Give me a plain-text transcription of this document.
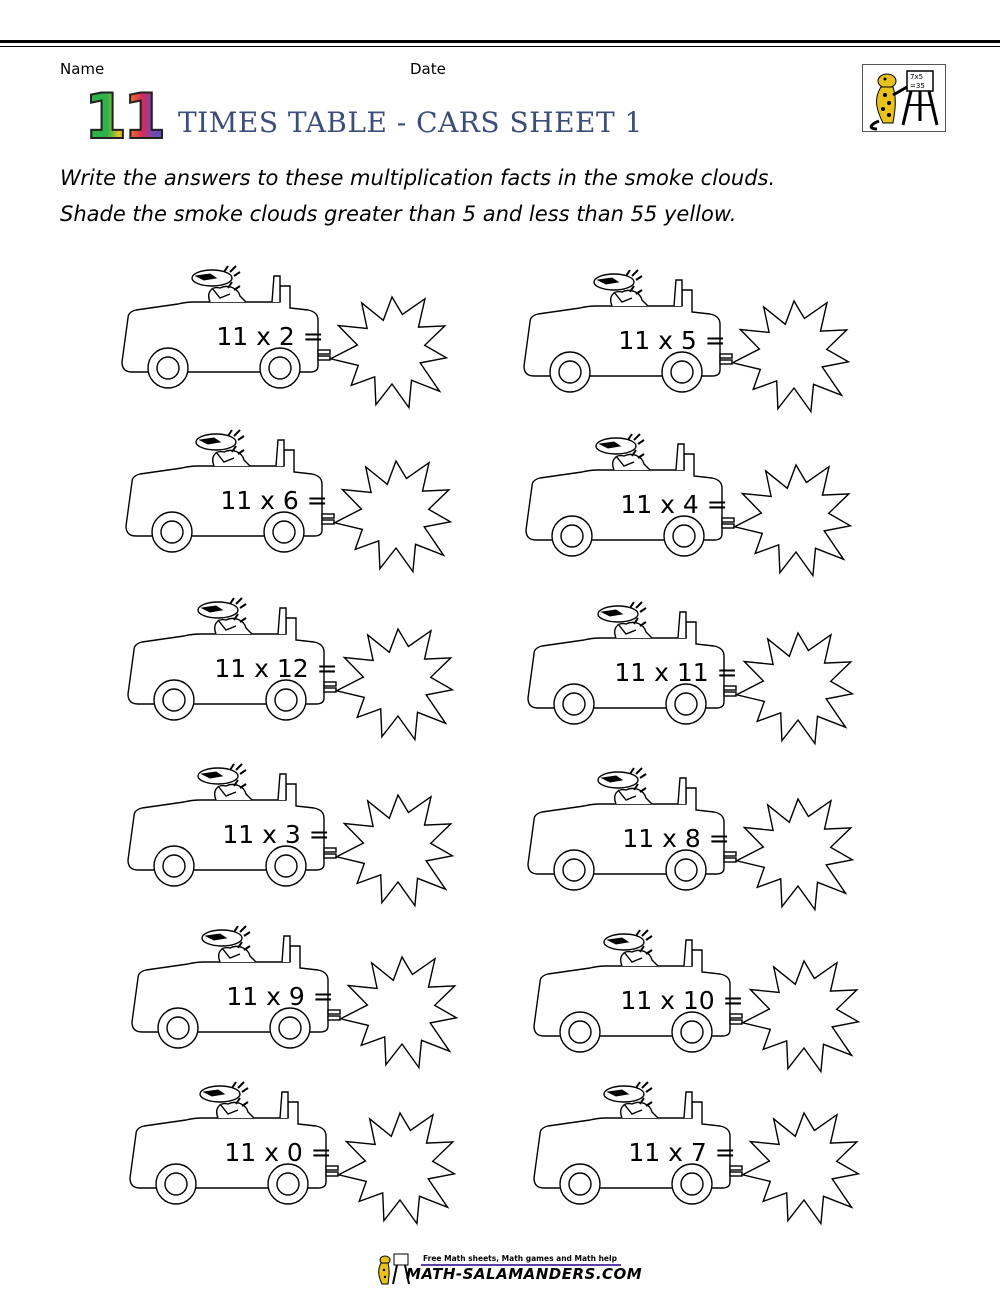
Name	Date
11 TIMES TABLE - CARS SHEET 1
7x5
=35
Write the answers to these multiplication facts in the smoke clouds.
Shade the smoke clouds greater than 5 and less than 55 yellow.
11 x 2 =	11 x 5 =
11 x 6 =	11 x 4 =
11 x 12 =	11 x 11 =
11 x 3 =	11 x 8 =
11 x 9 =	11 x 10 =
11 x 0 =	11 x 7 =
Free Math sheets, Math games and Math help
MATH-SALAMANDERS.COM
